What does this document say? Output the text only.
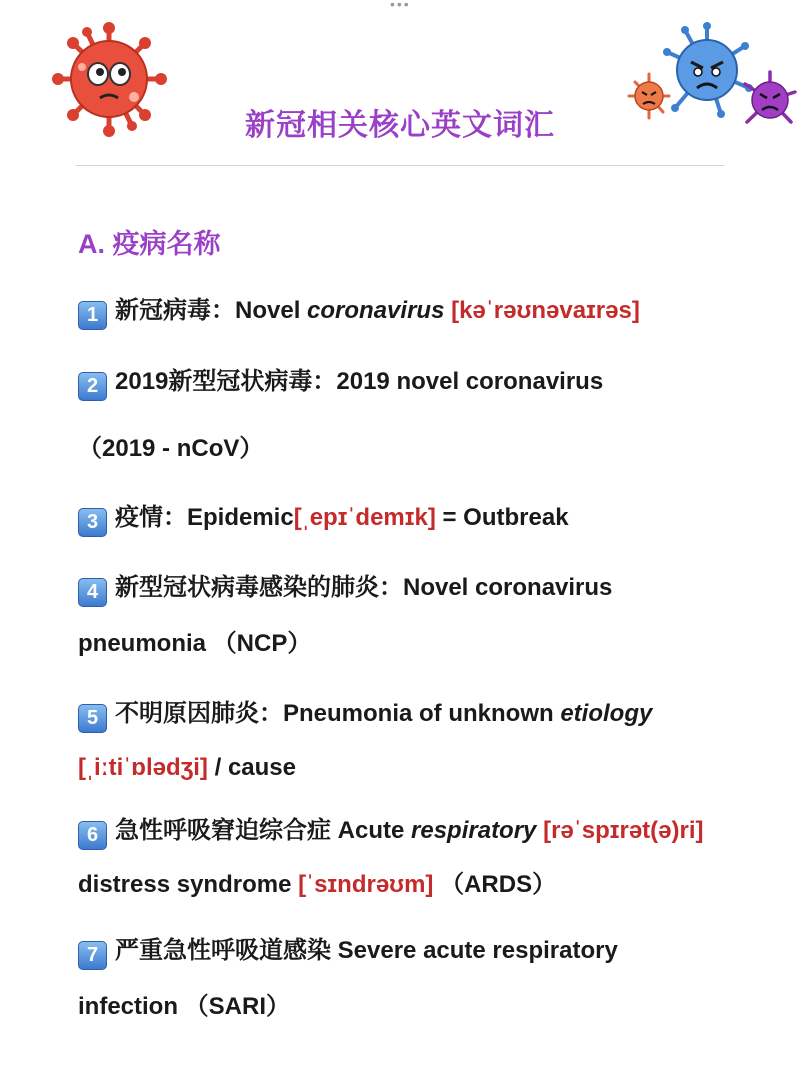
•••
新冠相关核心英文词汇
A. 疫病名称
1 新冠病毒：Novel coronavirus [kəˈrəʊnəvaɪrəs]
2 2019新型冠状病毒：2019 novel coronavirus
（2019 - nCoV）
3 疫情：Epidemic[ˌepɪˈdemɪk] = Outbreak
4 新型冠状病毒感染的肺炎：Novel coronavirus
pneumonia （NCP）
5 不明原因肺炎：Pneumonia of unknown etiology
[ˌiːtiˈɒlədʒi] / cause
6 急性呼吸窘迫综合症 Acute respiratory [rəˈspɪrət(ə)ri]
distress syndrome [ˈsɪndrəʊm] （ARDS）
7 严重急性呼吸道感染 Severe acute respiratory
infection （SARI）
